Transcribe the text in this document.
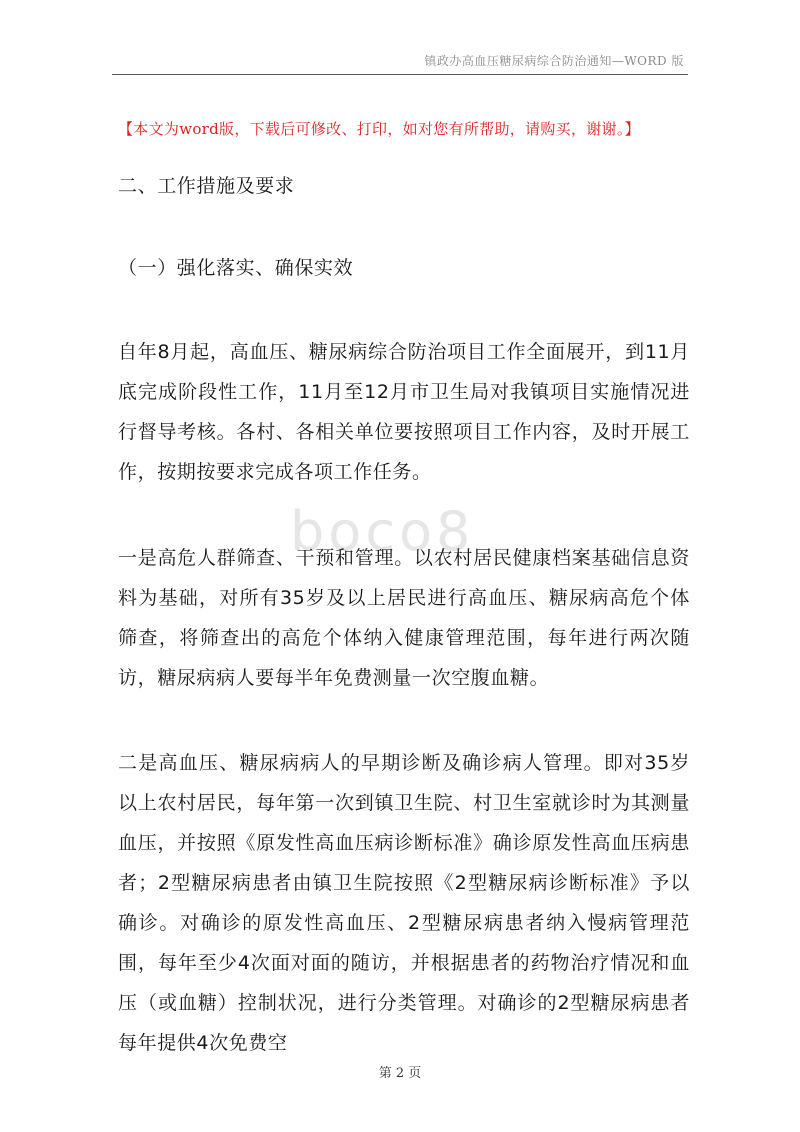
镇政办高血压糖尿病综合防治通知—WORD 版
【本文为word版，下载后可修改、打印，如对您有所帮助，请购买，谢谢。】
boco8
二、工作措施及要求
（一）强化落实、确保实效
自年8月起，高血压、糖尿病综合防治项目工作全面展开，到11月底完成阶段性工作，11月至12月市卫生局对我镇项目实施情况进行督导考核。各村、各相关单位要按照项目工作内容，及时开展工作，按期按要求完成各项工作任务。
一是高危人群筛查、干预和管理。以农村居民健康档案基础信息资料为基础，对所有35岁及以上居民进行高血压、糖尿病高危个体筛查，将筛查出的高危个体纳入健康管理范围，每年进行两次随访，糖尿病病人要每半年免费测量一次空腹血糖。
二是高血压、糖尿病病人的早期诊断及确诊病人管理。即对35岁以上农村居民，每年第一次到镇卫生院、村卫生室就诊时为其测量血压，并按照《原发性高血压病诊断标准》确诊原发性高血压病患者；2型糖尿病患者由镇卫生院按照《2型糖尿病诊断标准》予以确诊。对确诊的原发性高血压、2型糖尿病患者纳入慢病管理范围，每年至少4次面对面的随访，并根据患者的药物治疗情况和血压（或血糖）控制状况，进行分类管理。对确诊的2型糖尿病患者每年提供4次免费空
第 2 页
